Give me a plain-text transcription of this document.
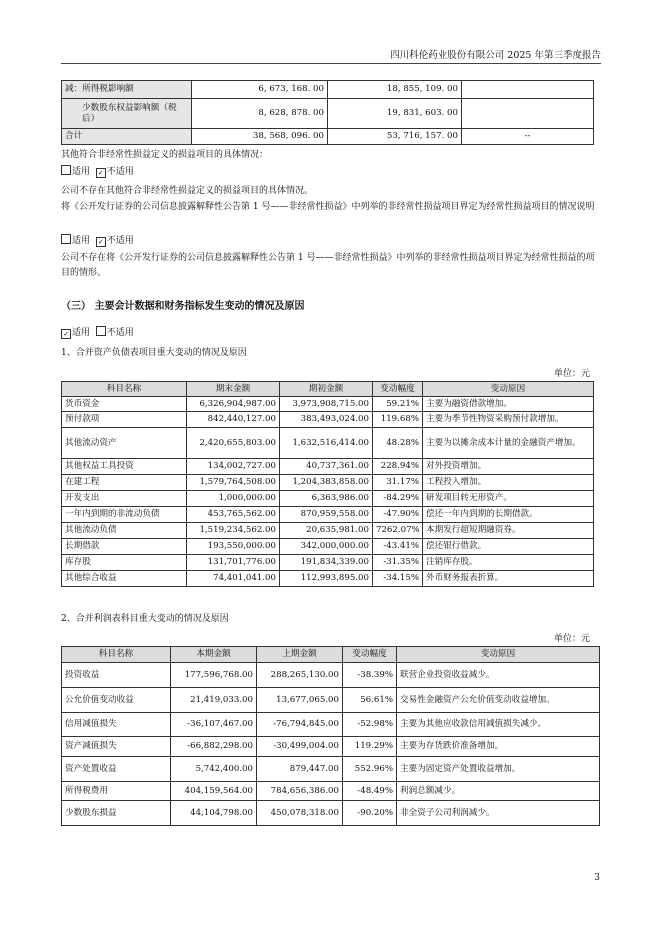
四川科伦药业股份有限公司 2025 年第三季度报告
减：所得税影响额	6, 673, 168. 00	18, 855, 109. 00	
少数股东权益影响额（税后）	8, 628, 878. 00	19, 831, 603. 00	
合计	38, 568, 096. 00	53, 716, 157. 00	--
其他符合非经常性损益定义的损益项目的具体情况：
适用 ✓ 不适用
公司不存在其他符合非经常性损益定义的损益项目的具体情况。
将《公开发行证券的公司信息披露解释性公告第 1 号——非经常性损益》中列举的非经常性损益项目界定为经常性损益项目的情况说明
适用 ✓ 不适用
公司不存在将《公开发行证券的公司信息披露解释性公告第 1 号——非经常性损益》中列举的非经常性损益项目界定为经常性损益的项目的情形。
（三） 主要会计数据和财务指标发生变动的情况及原因
✓ 适用 不适用
1、合并资产负债表项目重大变动的情况及原因
单位：元
科目名称	期末金额	期初金额	变动幅度	变动原因
货币资金	6,326,904,987.00	3,973,908,715.00	59.21%	主要为融资借款增加。
预付款项	842,440,127.00	383,493,024.00	119.68%	主要为季节性物资采购预付款增加。
其他流动资产	2,420,655,803.00	1,632,516,414.00	48.28%	主要为以摊余成本计量的金融资产增加。
其他权益工具投资	134,002,727.00	40,737,361.00	228.94%	对外投资增加。
在建工程	1,579,764,508.00	1,204,383,858.00	31.17%	工程投入增加。
开发支出	1,000,000.00	6,363,986.00	-84.29%	研发项目转无形资产。
一年内到期的非流动负债	453,765,562.00	870,959,558.00	-47.90%	偿还一年内到期的长期借款。
其他流动负债	1,519,234,562.00	20,635,981.00	7262.07%	本期发行超短期融资券。
长期借款	193,550,000.00	342,000,000.00	-43.41%	偿还银行借款。
库存股	131,701,776.00	191,834,339.00	-31.35%	注销库存股。
其他综合收益	74,401,041.00	112,993,895.00	-34.15%	外币财务报表折算。
2、合并利润表科目重大变动的情况及原因
单位：元
科目名称	本期金额	上期金额	变动幅度	变动原因
投资收益	177,596,768.00	288,265,130.00	-38.39%	联营企业投资收益减少。
公允价值变动收益	21,419,033.00	13,677,065.00	56.61%	交易性金融资产公允价值变动收益增加。
信用减值损失	-36,107,467.00	-76,794,845.00	-52.98%	主要为其他应收款信用减值损失减少。
资产减值损失	-66,882,298.00	-30,499,004.00	119.29%	主要为存货跌价准备增加。
资产处置收益	5,742,400.00	879,447.00	552.96%	主要为固定资产处置收益增加。
所得税费用	404,159,564.00	784,656,386.00	-48.49%	利润总额减少。
少数股东损益	44,104,798.00	450,078,318.00	-90.20%	非全资子公司利润减少。
3
